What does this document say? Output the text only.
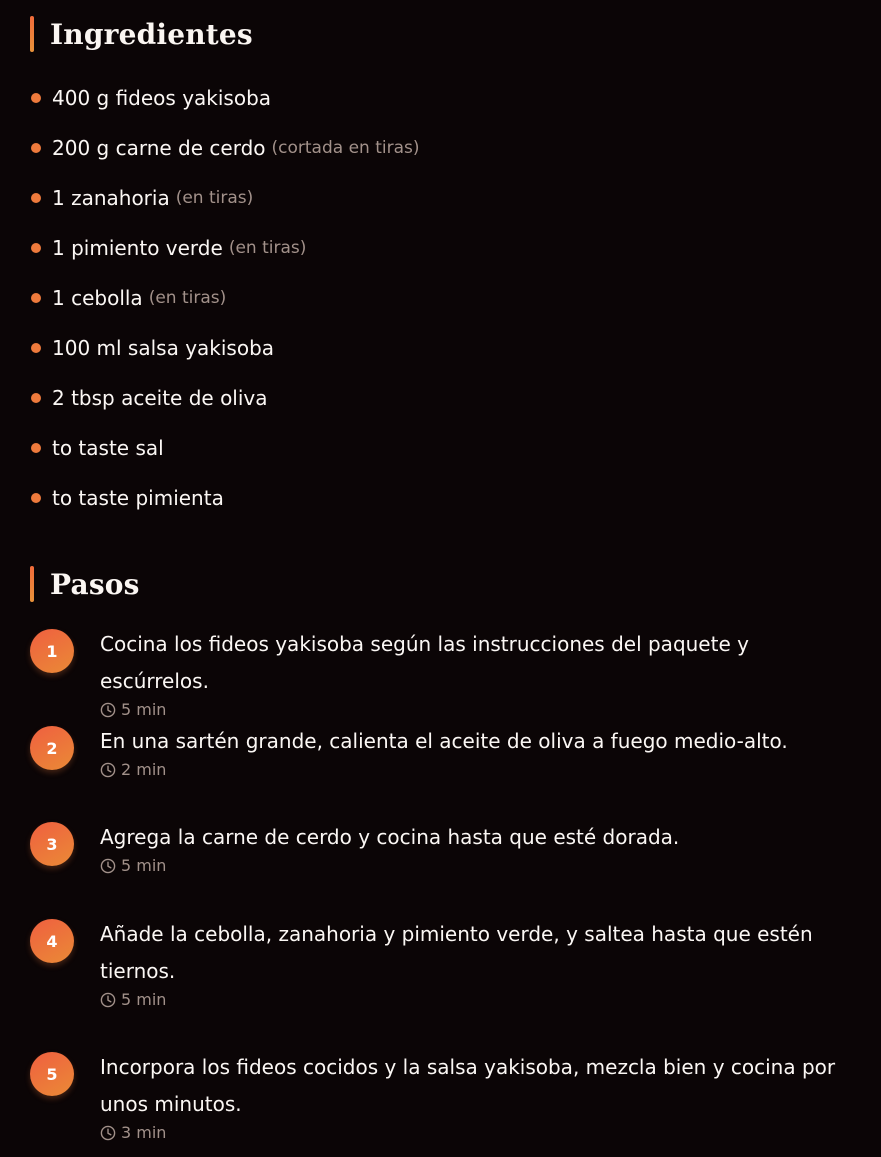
Ingredientes
400 g fideos yakisoba
200 g carne de cerdo (cortada en tiras)
1 zanahoria (en tiras)
1 pimiento verde (en tiras)
1 cebolla (en tiras)
100 ml salsa yakisoba
2 tbsp aceite de oliva
to taste sal
to taste pimienta
Pasos
1	Cocina los fideos yakisoba según las instrucciones del paquete y escúrrelos.
5 min
2	En una sartén grande, calienta el aceite de oliva a fuego medio-alto.
2 min
3	Agrega la carne de cerdo y cocina hasta que esté dorada.
5 min
4	Añade la cebolla, zanahoria y pimiento verde, y saltea hasta que estén tiernos.
5 min
5	Incorpora los fideos cocidos y la salsa yakisoba, mezcla bien y cocina por unos minutos.
3 min
